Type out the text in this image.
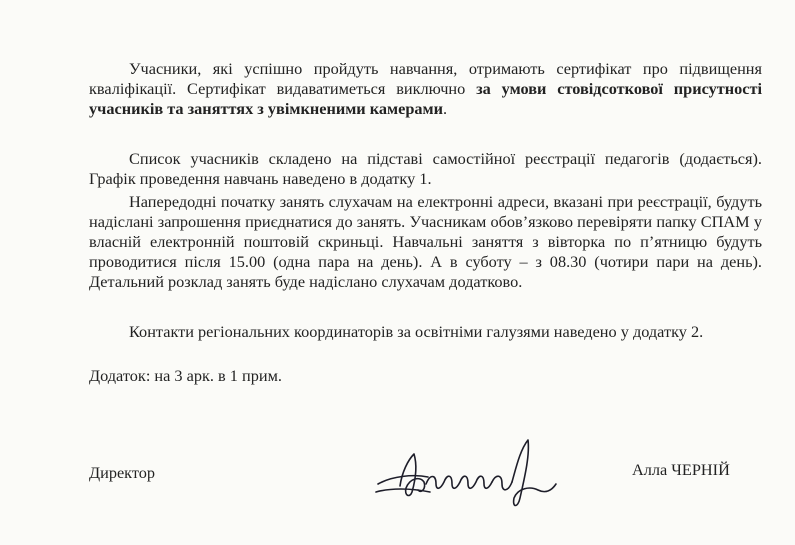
Учасники, які успішно пройдуть навчання, отримають сертифікат про підвищення кваліфікації. Сертифікат видаватиметься виключно за умови стовідсоткової присутності учасників та заняттях з увімкненими камерами.

Список учасників складено на підставі самостійної реєстрації педагогів (додається). Графік проведення навчань наведено в додатку 1.

Напередодні початку занять слухачам на електронні адреси, вказані при реєстрації, будуть надіслані запрошення приєднатися до занять. Учасникам обов’язково перевіряти папку СПАМ у власній електронній поштовій скриньці. Навчальні заняття з вівторка по п’ятницю будуть проводитися після 15.00 (одна пара на день). А в суботу – з 08.30 (чотири пари на день). Детальний розклад занять буде надіслано слухачам додатково.

Контакти регіональних координаторів за освітніми галузями наведено у додатку 2.

Додаток: на 3 арк. в 1 прим.

Директор	Алла ЧЕРНІЙ
